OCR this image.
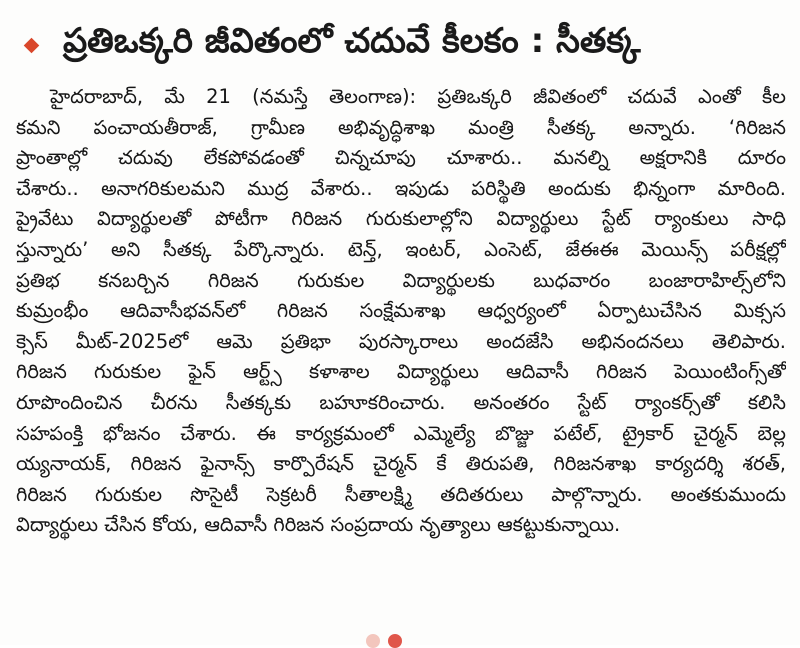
ప్రతిఒక్కరి జీవితంలో చదువే కీలకం : సీతక్క
హైదరాబాద్, మే 21 (నమస్తే తెలంగాణ): ప్రతిఒక్కరి జీవితంలో చదువే ఎంతో కీల
కమని పంచాయతీరాజ్, గ్రామీణ అభివృద్ధిశాఖ మంత్రి సీతక్క అన్నారు. ‘గిరిజన
ప్రాంతాల్లో చదువు లేకపోవడంతో చిన్నచూపు చూశారు.. మనల్ని అక్షరానికి దూరం
చేశారు.. అనాగరికులమని ముద్ర వేశారు.. ఇపుడు పరిస్థితి అందుకు భిన్నంగా మారింది.
ప్రైవేటు విద్యార్థులతో పోటీగా గిరిజన గురుకులాల్లోని విద్యార్థులు స్టేట్ ర్యాంకులు సాధి
స్తున్నారు’ అని సీతక్క పేర్కొన్నారు. టెన్త్, ఇంటర్, ఎంసెట్, జేఈఈ మెయిన్స్ పరీక్షల్లో
ప్రతిభ కనబర్చిన గిరిజన గురుకుల విద్యార్థులకు బుధవారం బంజారాహిల్స్‌లోని
కుమ్రంభీం ఆదివాసీభవన్‌లో గిరిజన సంక్షేమశాఖ ఆధ్వర్యంలో ఏర్పాటుచేసిన మిక్సస
క్సెస్ మీట్-2025లో ఆమె ప్రతిభా పురస్కారాలు అందజేసి అభినందనలు తెలిపారు.
గిరిజన గురుకుల ఫైన్ ఆర్ట్స్ కళాశాల విద్యార్థులు ఆదివాసీ గిరిజన పెయింటింగ్స్‌తో
రూపొందించిన చీరను సీతక్కకు బహూకరించారు. అనంతరం స్టేట్ ర్యాంకర్స్‌తో కలిసి
సహపంక్తి భోజనం చేశారు. ఈ కార్యక్రమంలో ఎమ్మెల్యే బొజ్జు పటేల్, ట్రైకార్ చైర్మన్ బెల్ల
య్యనాయక్, గిరిజన ఫైనాన్స్ కార్పొరేషన్ చైర్మన్ కే తిరుపతి, గిరిజనశాఖ కార్యదర్శి శరత్,
గిరిజన గురుకుల సొసైటీ సెక్రటరీ సీతాలక్ష్మి తదితరులు పాల్గొన్నారు. అంతకుముందు
విద్యార్థులు చేసిన కోయ, ఆదివాసీ గిరిజన సంప్రదాయ నృత్యాలు ఆకట్టుకున్నాయి.
